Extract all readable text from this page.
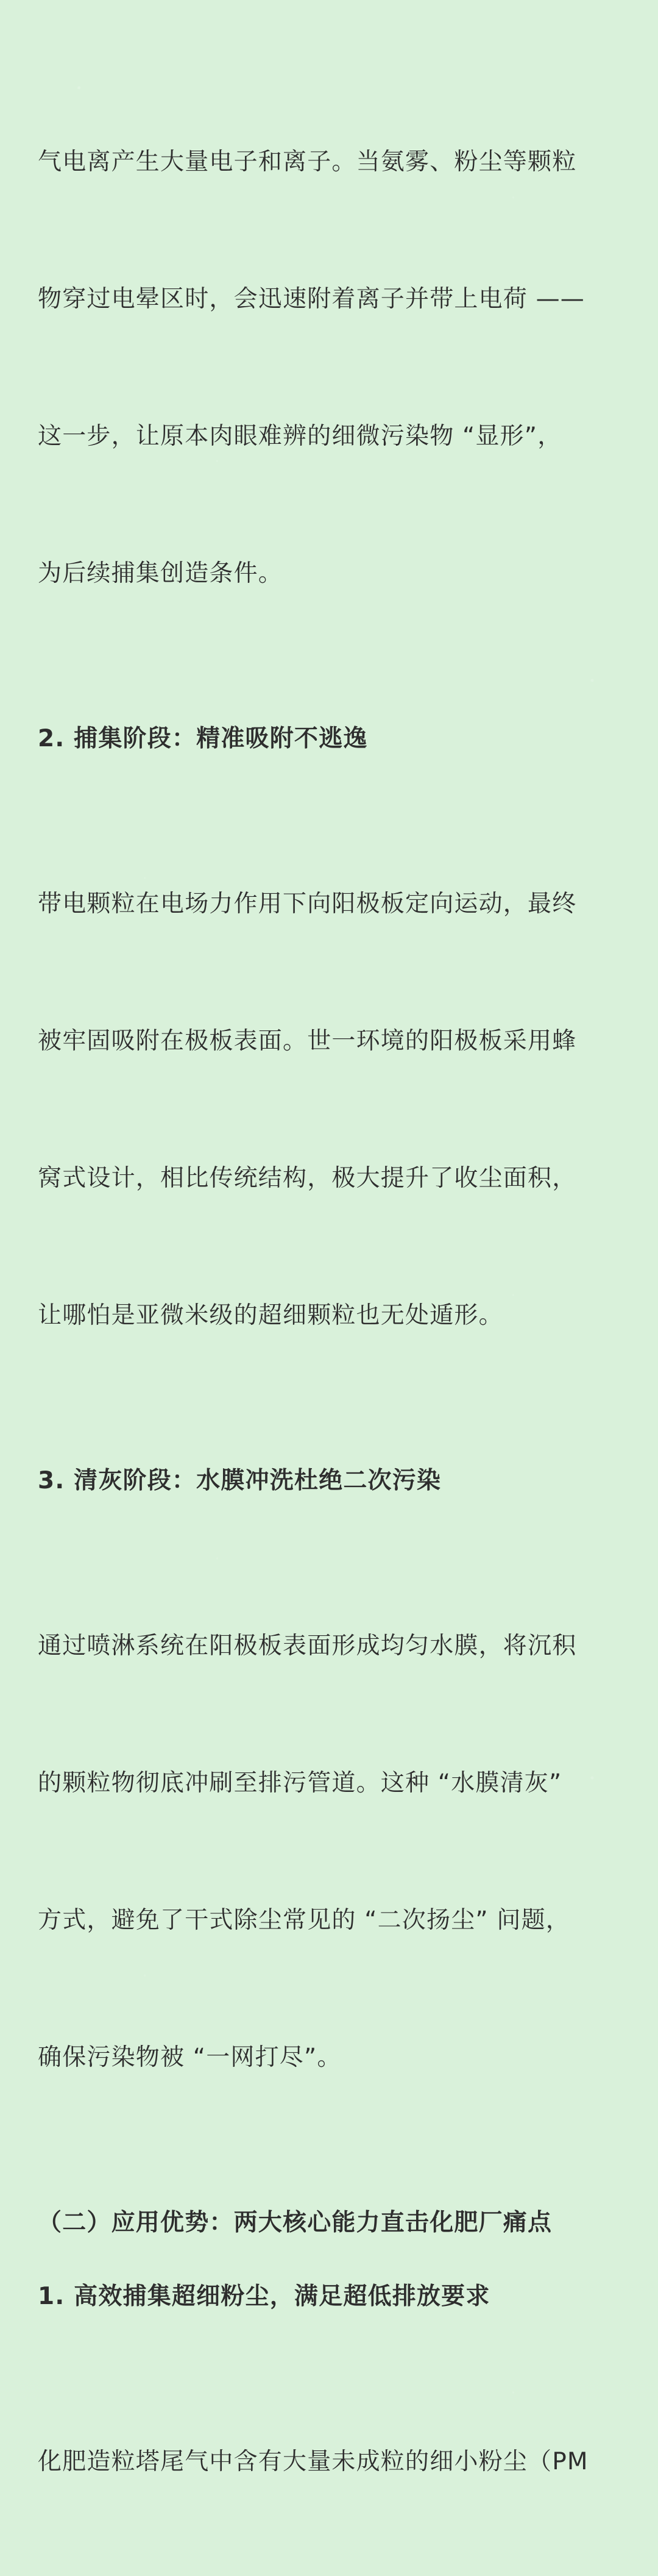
气电离产生大量电子和离子。当氨雾、粉尘等颗粒

物穿过电晕区时，会迅速附着离子并带上电荷 ——

这一步，让原本肉眼难辨的细微污染物 “显形”，

为后续捕集创造条件。

2. 捕集阶段：精准吸附不逃逸

带电颗粒在电场力作用下向阳极板定向运动，最终

被牢固吸附在极板表面。世一环境的阳极板采用蜂

窝式设计，相比传统结构，极大提升了收尘面积，

让哪怕是亚微米级的超细颗粒也无处遁形。

3. 清灰阶段：水膜冲洗杜绝二次污染

通过喷淋系统在阳极板表面形成均匀水膜，将沉积

的颗粒物彻底冲刷至排污管道。这种 “水膜清灰”

方式，避免了干式除尘常见的 “二次扬尘” 问题，

确保污染物被 “一网打尽”。

（二）应用优势：两大核心能力直击化肥厂痛点
1. 高效捕集超细粉尘，满足超低排放要求

化肥造粒塔尾气中含有大量未成粒的细小粉尘（PM
